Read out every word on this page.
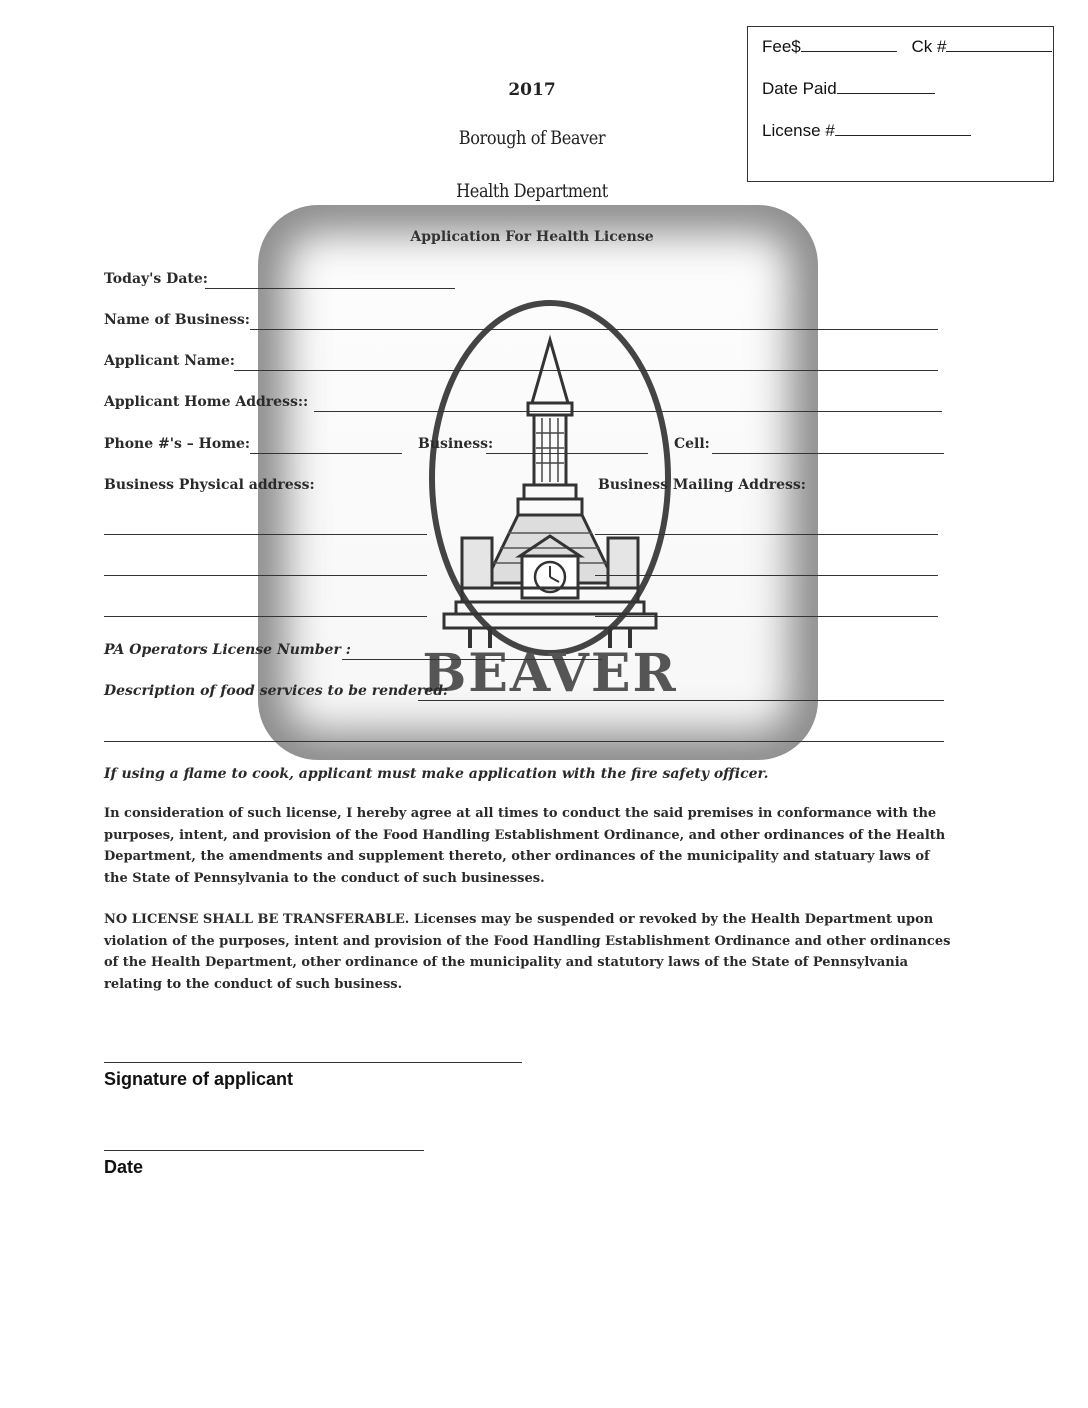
BEAVER
Fee$	Ck #
Date Paid
License #
2017
Borough of Beaver
Health Department
Application For Health License
Today's Date:
Name of Business:
Applicant Name:
Applicant Home Address::
Phone #'s – Home:	Business:	Cell:
Business Physical address:	Business Mailing Address:
PA Operators License Number :
Description of food services to be rendered:
If using a flame to cook, applicant must make application with the fire safety officer.
In consideration of such license, I hereby agree at all times to conduct the said premises in conformance with the purposes, intent, and provision of the Food Handling Establishment Ordinance, and other ordinances of the Health Department, the amendments and supplement thereto, other ordinances of the municipality and statuary laws of the State of Pennsylvania to the conduct of such businesses.
NO LICENSE SHALL BE TRANSFERABLE. Licenses may be suspended or revoked by the Health Department upon violation of the purposes, intent and provision of the Food Handling Establishment Ordinance and other ordinances of the Health Department, other ordinance of the municipality and statutory laws of the State of Pennsylvania relating to the conduct of such business.
Signature of applicant
Date
